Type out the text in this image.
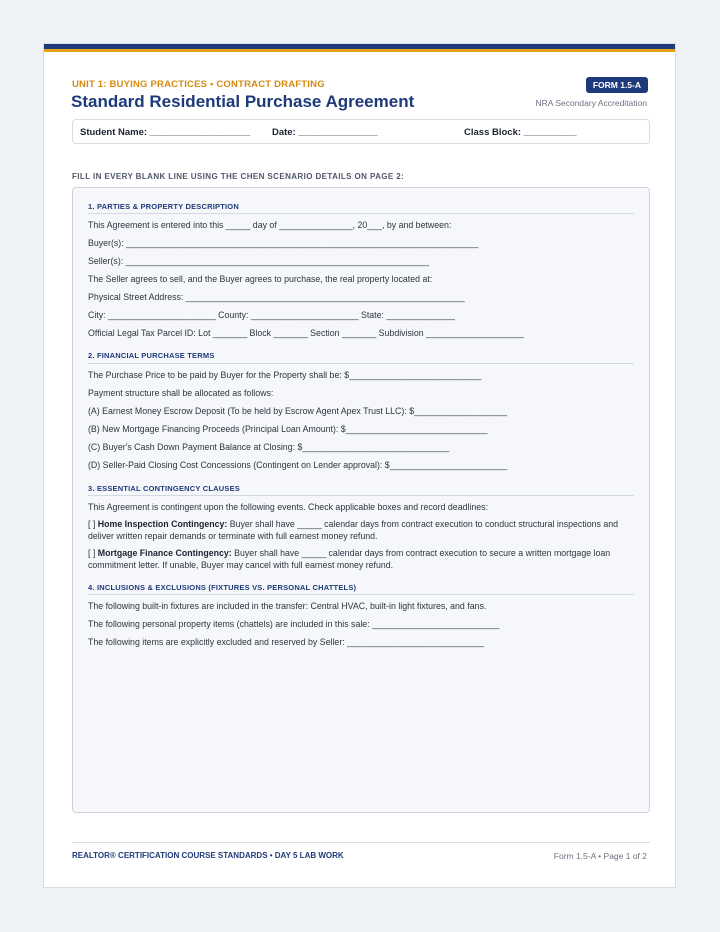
UNIT 1: BUYING PRACTICES • CONTRACT DRAFTING
Standard Residential Purchase Agreement
FORM 1.5-A
NRA Secondary Accreditation
Student Name: ___________________ Date: _______________	Class Block: __________
FILL IN EVERY BLANK LINE USING THE CHEN SCENARIO DETAILS ON PAGE 2:
1. PARTIES & PROPERTY DESCRIPTION
This Agreement is entered into this _____ day of _______________, 20___, by and between:
Buyer(s): ________________________________________________________________________
Seller(s): ______________________________________________________________
The Seller agrees to sell, and the Buyer agrees to purchase, the real property located at:
Physical Street Address: _________________________________________________________
City: ______________________ County: ______________________ State: ______________
Official Legal Tax Parcel ID: Lot _______ Block _______ Section _______ Subdivision ____________________
2. FINANCIAL PURCHASE TERMS
The Purchase Price to be paid by Buyer for the Property shall be: $___________________________
Payment structure shall be allocated as follows:
(A) Earnest Money Escrow Deposit (To be held by Escrow Agent Apex Trust LLC): $___________________
(B) New Mortgage Financing Proceeds (Principal Loan Amount): $_____________________________
(C) Buyer's Cash Down Payment Balance at Closing: $______________________________
(D) Seller-Paid Closing Cost Concessions (Contingent on Lender approval): $________________________
3. ESSENTIAL CONTINGENCY CLAUSES
This Agreement is contingent upon the following events. Check applicable boxes and record deadlines:
[ ] Home Inspection Contingency: Buyer shall have _____ calendar days from contract execution to conduct structural inspections and deliver written repair demands or terminate with full earnest money refund.
[ ] Mortgage Finance Contingency: Buyer shall have _____ calendar days from contract execution to secure a written mortgage loan commitment letter. If unable, Buyer may cancel with full earnest money refund.
4. INCLUSIONS & EXCLUSIONS (FIXTURES VS. PERSONAL CHATTELS)
The following built-in fixtures are included in the transfer: Central HVAC, built-in light fixtures, and fans.
The following personal property items (chattels) are included in this sale: __________________________
The following items are explicitly excluded and reserved by Seller: ____________________________
REALTOR® CERTIFICATION COURSE STANDARDS • DAY 5 LAB WORK	Form 1.5-A • Page 1 of 2
